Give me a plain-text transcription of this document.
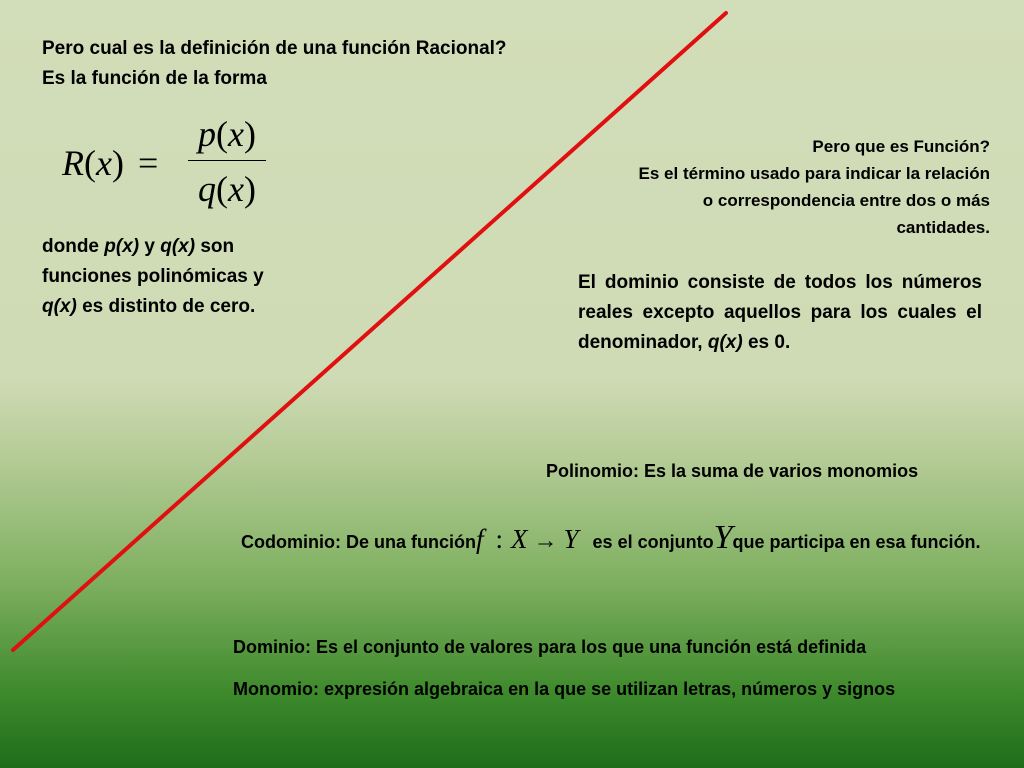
Pero cual es la definición de una función Racional?
Es la función de la forma
R(x) =
p(x)
q(x)
donde p(x) y q(x) son
funciones polinómicas y
q(x) es distinto de cero.
Pero que es Función?
Es el término usado para indicar la relación
o correspondencia entre dos o más
cantidades.
El dominio consiste de todos los números reales excepto aquellos para los cuales el denominador, q(x) es 0.
Polinomio: Es la suma de varios monomios
Codominio: De una funciónf : X → Y es el conjuntoYque participa en esa función.
Dominio: Es el conjunto de valores para los que una función está definida
Monomio: expresión algebraica en la que se utilizan letras, números y signos
